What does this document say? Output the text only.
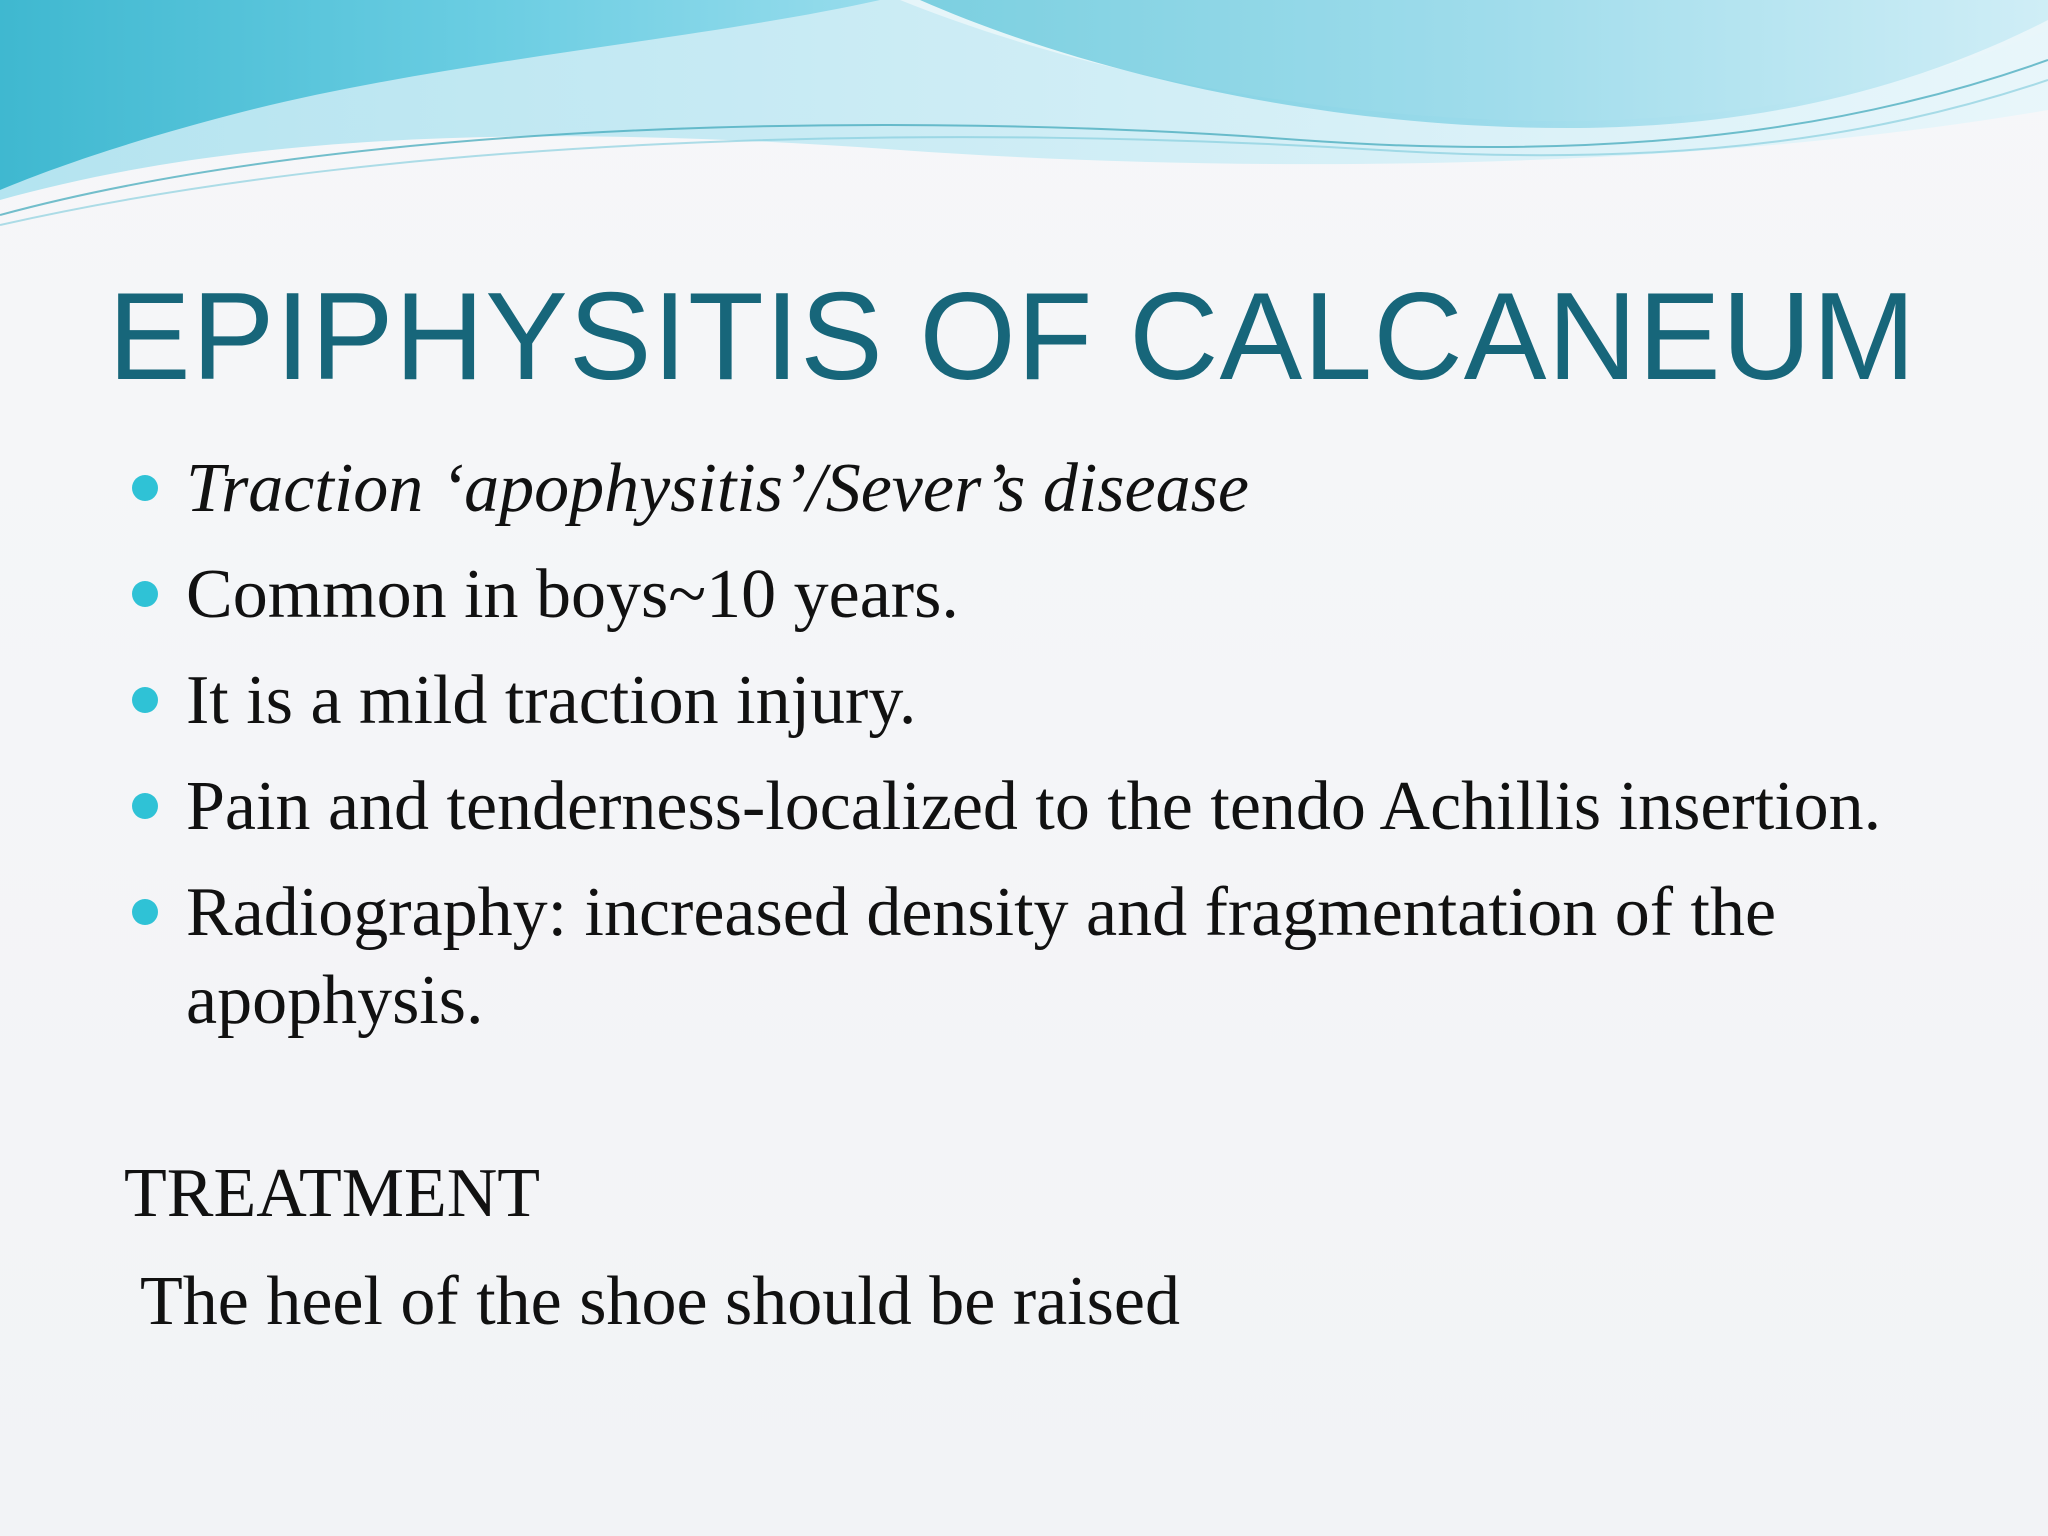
EPIPHYSITIS OF CALCANEUM
Traction ‘apophysitis’/Sever’s disease
Common in boys~10 years.
It is a mild traction injury.
Pain and tenderness-localized to the tendo Achillis insertion.
Radiography: increased density and fragmentation of the apophysis.
TREATMENT

The heel of the shoe should be raised
